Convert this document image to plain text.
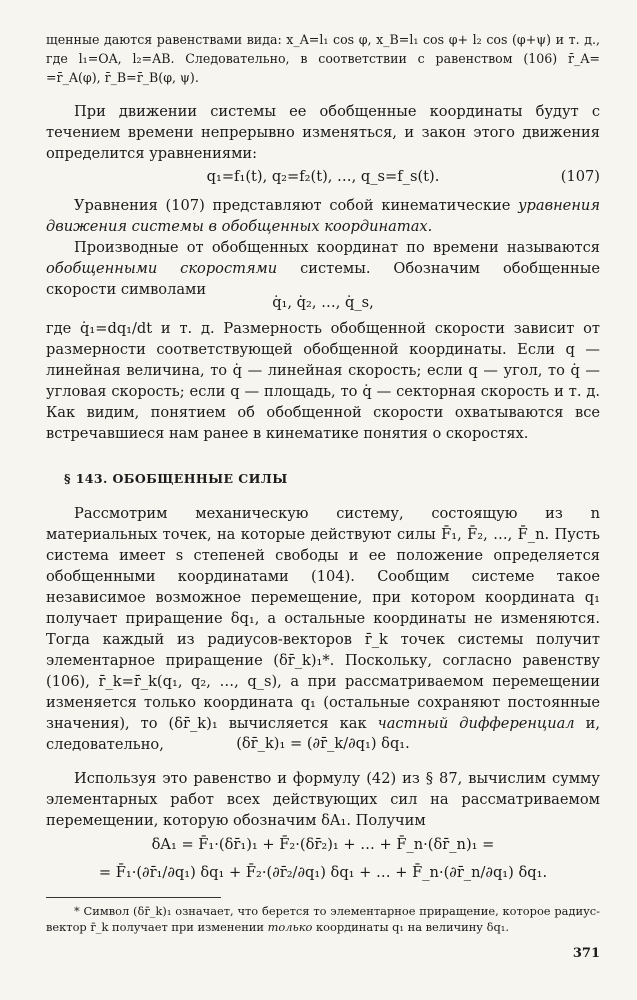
щенные даются равенствами вида: x_A=l₁ cos φ, x_B=l₁ cos φ+ l₂ cos (φ+ψ) и т. д.,

где l₁=OA, l₂=AB. Следовательно, в соответствии с равенством (106) r̄_A=

=r̄_A(φ), r̄_B=r̄_B(φ, ψ).

При движении системы ее обобщенные координаты будут с течением времени непрерывно изменяться, и закон этого движения определится уравнениями:

q₁=f₁(t), q₂=f₂(t), …, q_s=f_s(t).	(107)

Уравнения (107) представляют собой кинематические уравнения движения системы в обобщенных координатах.

Производные от обобщенных координат по времени называются обобщенными скоростями системы. Обозначим обобщенные скорости символами

q̇₁, q̇₂, …, q̇_s,

где q̇₁=dq₁/dt и т. д. Размерность обобщенной скорости зависит от размерности соответствующей обобщенной координаты. Если q — линейная величина, то q̇ — линейная скорость; если q — угол, то q̇ — угловая скорость; если q — площадь, то q̇ — секторная скорость и т. д. Как видим, понятием об обобщенной скорости охватываются все встречавшиеся нам ранее в кинематике понятия о скоростях.

§ 143. ОБОБЩЕННЫЕ СИЛЫ

Рассмотрим механическую систему, состоящую из n материальных точек, на которые действуют силы F̄₁, F̄₂, …, F̄_n. Пусть система имеет s степеней свободы и ее положение определяется обобщенными координатами (104). Сообщим системе такое независимое возможное перемещение, при котором координата q₁ получает приращение δq₁, а остальные координаты не изменяются. Тогда каждый из радиусов-векторов r̄_k точек системы получит элементарное приращение (δr̄_k)₁*. Поскольку, согласно равенству (106), r̄_k=r̄_k(q₁, q₂, …, q_s), а при рассматриваемом перемещении изменяется только координата q₁ (остальные сохраняют постоянные значения), то (δr̄_k)₁ вычисляется как частный дифференциал и, следовательно,	(δr̄_k)₁ = (∂r̄_k/∂q₁) δq₁.

Используя это равенство и формулу (42) из § 87, вычислим сумму элементарных работ всех действующих сил на рассматриваемом перемещении, которую обозначим δA₁. Получим

δA₁ = F̄₁·(δr̄₁)₁ + F̄₂·(δr̄₂)₁ + … + F̄_n·(δr̄_n)₁ =
= F̄₁·(∂r̄₁/∂q₁) δq₁ + F̄₂·(∂r̄₂/∂q₁) δq₁ + … + F̄_n·(∂r̄_n/∂q₁) δq₁.

* Символ (δr̄_k)₁ означает, что берется то элементарное приращение, которое радиус-вектор r̄_k получает при изменении только координаты q₁ на величину δq₁.

371
